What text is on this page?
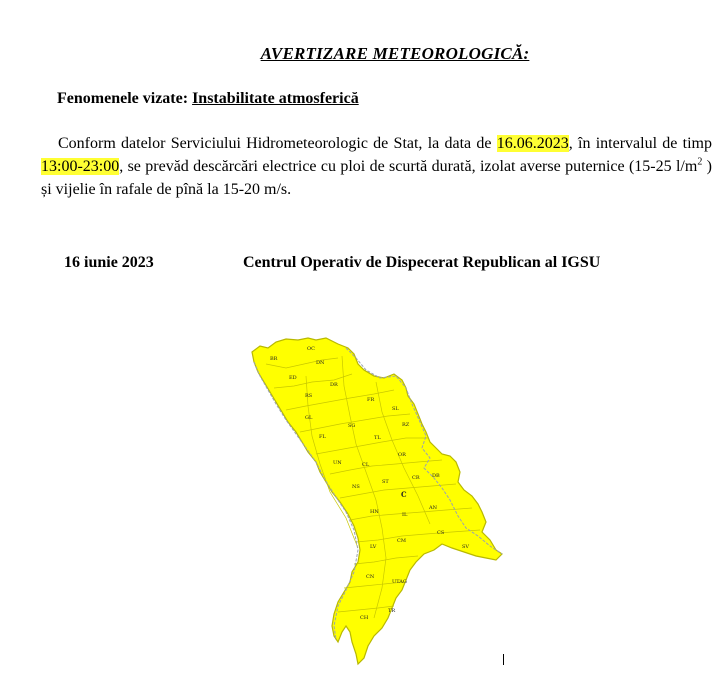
AVERTIZARE METEOROLOGICĂ:
Fenomenele vizate: Instabilitate atmosferică
Conform datelor Serviciului Hidrometeorologic de Stat, la data de 16.06.2023, în intervalul de timp 13:00-23:00, se prevăd descărcări electrice cu ploi de scurtă durată, izolat averse puternice (15-25 $l/m^2$ ) și vijelie în rafale de pînă la 15-20 m/s.
16 iunie 2023	Centrul Operativ de Dispecerat Republican al IGSU
OC
BR
DN
ED
DR
RS
FR
SL
GL
SG	RZ
FL	TL
OR
DB
UN	CL
ST
CR
NS
C
AN
HN	IL
CS
CM
SV
LV
CN
UTAG
CH
TR
